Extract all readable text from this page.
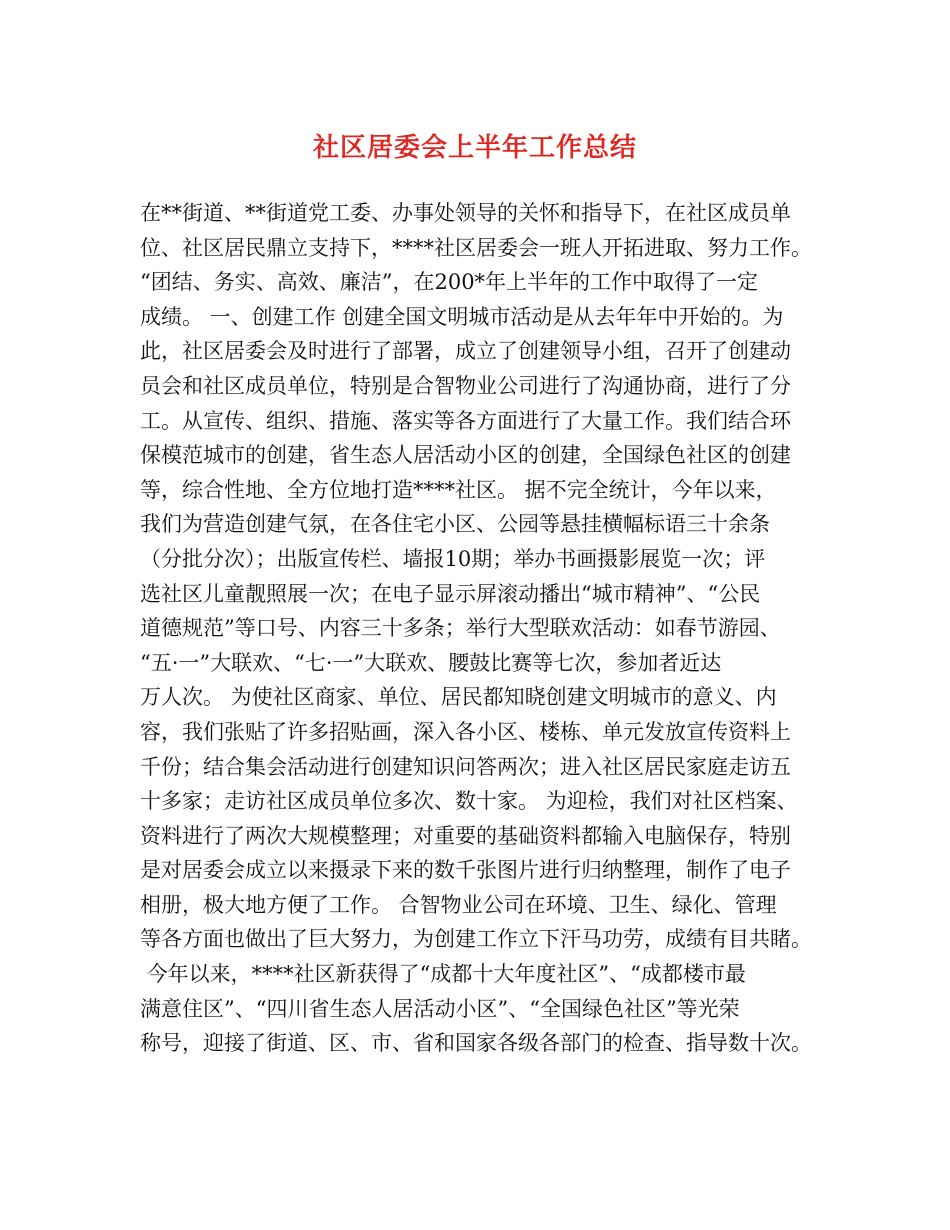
社区居委会上半年工作总结
在**街道、**街道党工委、办事处领导的关怀和指导下，在社区成员单
位、社区居民鼎立支持下，****社区居委会一班人开拓进取、努力工作。
“团结、务实、高效、廉洁”，在200*年上半年的工作中取得了一定
成绩。 一、创建工作 创建全国文明城市活动是从去年年中开始的。为
此，社区居委会及时进行了部署，成立了创建领导小组，召开了创建动
员会和社区成员单位，特别是合智物业公司进行了沟通协商，进行了分
工。从宣传、组织、措施、落实等各方面进行了大量工作。我们结合环
保模范城市的创建，省生态人居活动小区的创建，全国绿色社区的创建
等，综合性地、全方位地打造****社区。 据不完全统计，今年以来，
我们为营造创建气氛，在各住宅小区、公园等悬挂横幅标语三十余条
（分批分次）；出版宣传栏、墙报10期；举办书画摄影展览一次；评
选社区儿童靓照展一次；在电子显示屏滚动播出“城市精神”、“公民
道德规范”等口号、内容三十多条；举行大型联欢活动：如春节游园、
“五·一”大联欢、“七·一”大联欢、腰鼓比赛等七次，参加者近达
万人次。 为使社区商家、单位、居民都知晓创建文明城市的意义、内
容，我们张贴了许多招贴画，深入各小区、楼栋、单元发放宣传资料上
千份；结合集会活动进行创建知识问答两次；进入社区居民家庭走访五
十多家；走访社区成员单位多次、数十家。 为迎检，我们对社区档案、
资料进行了两次大规模整理；对重要的基础资料都输入电脑保存，特别
是对居委会成立以来摄录下来的数千张图片进行归纳整理，制作了电子
相册，极大地方便了工作。 合智物业公司在环境、卫生、绿化、管理
等各方面也做出了巨大努力，为创建工作立下汗马功劳，成绩有目共睹。
今年以来，****社区新获得了“成都十大年度社区”、“成都楼市最
满意住区”、“四川省生态人居活动小区”、“全国绿色社区”等光荣
称号，迎接了街道、区、市、省和国家各级各部门的检查、指导数十次。
